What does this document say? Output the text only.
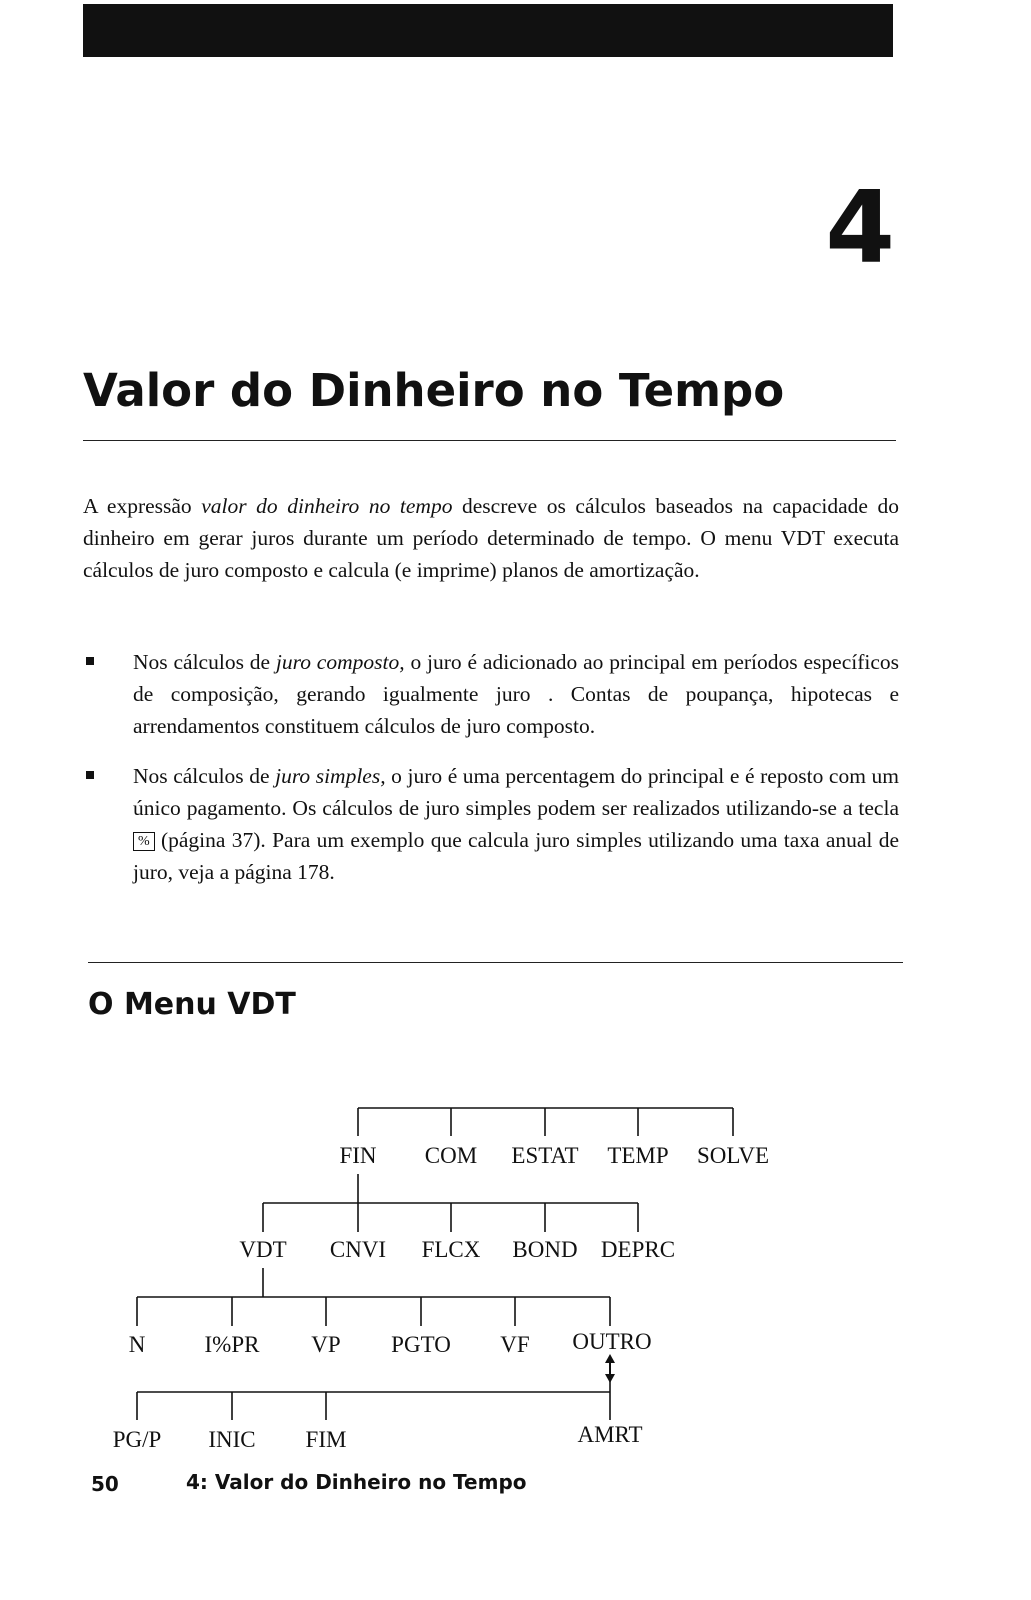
4
Valor do Dinheiro no Tempo

A expressão valor do dinheiro no tempo descreve os cálculos baseados na capacidade do dinheiro em gerar juros durante um período determinado de tempo. O menu VDT executa cálculos de juro composto e calcula (e imprime) planos de amortização.

Nos cálculos de juro composto, o juro é adicionado ao principal em períodos específicos de composição, gerando igualmente juro . Contas de poupança, hipotecas e arrendamentos constituem cálculos de juro composto.
Nos cálculos de juro simples, o juro é uma percentagem do principal e é reposto com um único pagamento. Os cálculos de juro simples podem ser realizados utilizando-se a tecla % (página 37). Para um exemplo que calcula juro simples utilizando uma taxa anual de juro, veja a página 178.
O Menu VDT
FIN COM ESTAT TEMP SOLVE
VDT CNVI FLCX BOND DEPRC
N	I%PR VP PGTO VF OUTRO
PG/P INIC FIM	AMRT
50	4: Valor do Dinheiro no Tempo
